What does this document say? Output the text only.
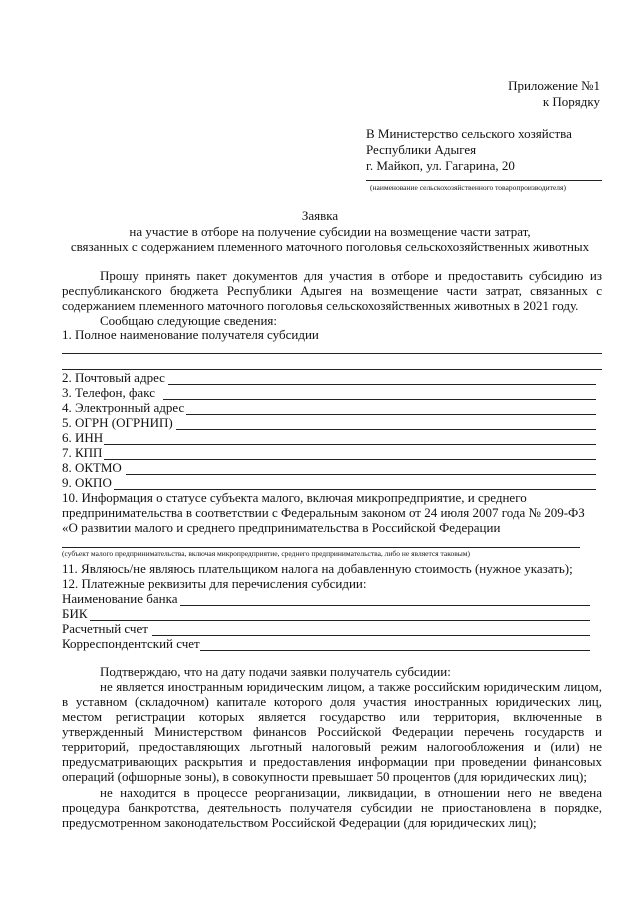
Приложение №1
к Порядку
В Министерство сельского хозяйства
Республики Адыгея
г. Майкоп, ул. Гагарина, 20
(наименование сельскохозяйственного товаропроизводителя)
Заявка
на участие в отборе на получение субсидии на возмещение части затрат,
связанных с содержанием племенного маточного поголовья сельскохозяйственных животных
Прошу принять пакет документов для участия в отборе и предоставить субсидию из
республиканского бюджета Республики Адыгея на возмещение части затрат, связанных с
содержанием племенного маточного поголовья сельскохозяйственных животных в 2021 году.
Сообщаю следующие сведения:
1. Полное наименование получателя субсидии
2. Почтовый адрес
3. Телефон, факс
4. Электронный адрес
5. ОГРН (ОГРНИП)
6. ИНН
7. КПП
8. ОКТМО
9. ОКПО
10. Информация о статусе субъекта малого, включая микропредприятие, и среднего
предпринимательства в соответствии с Федеральным законом от 24 июля 2007 года № 209-ФЗ
«О развитии малого и среднего предпринимательства в Российской Федерации
(субъект малого предпринимательства, включая микропредприятие, среднего предпринимательства, либо не является таковым)
11. Являюсь/не являюсь плательщиком налога на добавленную стоимость (нужное указать);
12. Платежные реквизиты для перечисления субсидии:
Наименование банка
БИК
Расчетный счет
Корреспондентский счет
Подтверждаю, что на дату подачи заявки получатель субсидии:
не является иностранным юридическим лицом, а также российским юридическим лицом,
в уставном (складочном) капитале которого доля участия иностранных юридических лиц,
местом регистрации которых является государство или территория, включенные в
утвержденный Министерством финансов Российской Федерации перечень государств и
территорий, предоставляющих льготный налоговый режим налогообложения и (или) не
предусматривающих раскрытия и предоставления информации при проведении финансовых
операций (офшорные зоны), в совокупности превышает 50 процентов (для юридических лиц);
не находится в процессе реорганизации, ликвидации, в отношении него не введена
процедура банкротства, деятельность получателя субсидии не приостановлена в порядке,
предусмотренном законодательством Российской Федерации (для юридических лиц);
